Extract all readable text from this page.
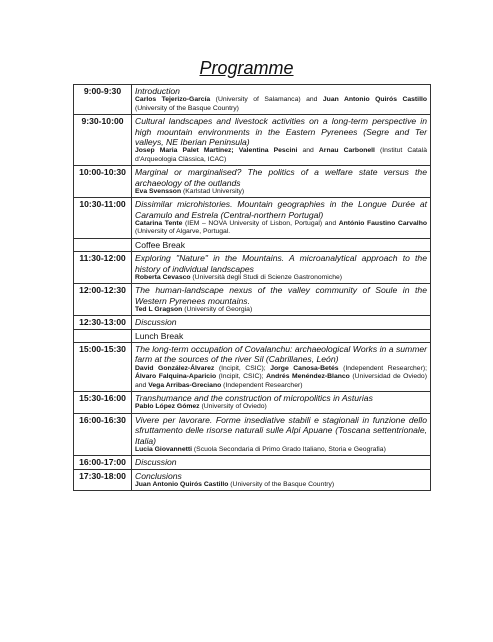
Programme
9:00-9:30	Introduction
Carlos Tejerizo-García (University of Salamanca) and Juan Antonio Quirós Castillo (University of the Basque Country)

9:30-10:00	Cultural landscapes and livestock activities on a long-term perspective in high mountain environments in the Eastern Pyrenees (Segre and Ter valleys, NE Iberian Peninsula)
Josep Maria Palet Martínez; Valentina Pescini and Arnau Carbonell (Institut Català d'Arqueologia Clàssica, ICAC)

10:00-10:30	Marginal or marginalised? The politics of a welfare state versus the archaeology of the outlands
Eva Svensson (Karlstad University)

10:30-11:00	Dissimilar microhistories. Mountain geographies in the Longue Durée at Caramulo and Estrela (Central-northern Portugal)
Catarina Tente (IEM – NOVA University of Lisbon, Portugal) and António Faustino Carvalho (University of Algarve, Portugal.

	Coffee Break
11:30-12:00	Exploring "Nature" in the Mountains. A microanalytical approach to the history of individual landscapes
Roberta Cevasco (Università degli Studi di Scienze Gastronomiche)

12:00-12:30	The human-landscape nexus of the valley community of Soule in the Western Pyrenees mountains.
Ted L Gragson (University of Georgia)

12:30-13:00	Discussion

	Lunch Break
15:00-15:30	The long-term occupation of Covalanchu: archaeological Works in a summer farm at the sources of the river Sil (Cabrillanes, León)
David González-Álvarez (Incipit, CSIC); Jorge Canosa-Betés (Independent Researcher); Álvaro Falquina-Aparicio (Incipit, CSIC); Andrés Menéndez-Blanco (Universidad de Oviedo) and Vega Arribas-Greciano (Independent Researcher)

15:30-16:00	Transhumance and the construction of micropolitics in Asturias
Pablo López Gómez (University of Oviedo)

16:00-16:30	Vivere per lavorare. Forme insediative stabili e stagionali in funzione dello sfruttamento delle risorse naturali sulle Alpi Apuane (Toscana settentrionale, Italia)
Lucia Giovannetti (Scuola Secondaria di Primo Grado Italiano, Storia e Geografia)

16:00-17:00	Discussion

17:30-18:00	Conclusions
Juan Antonio Quirós Castillo (University of the Basque Country)
